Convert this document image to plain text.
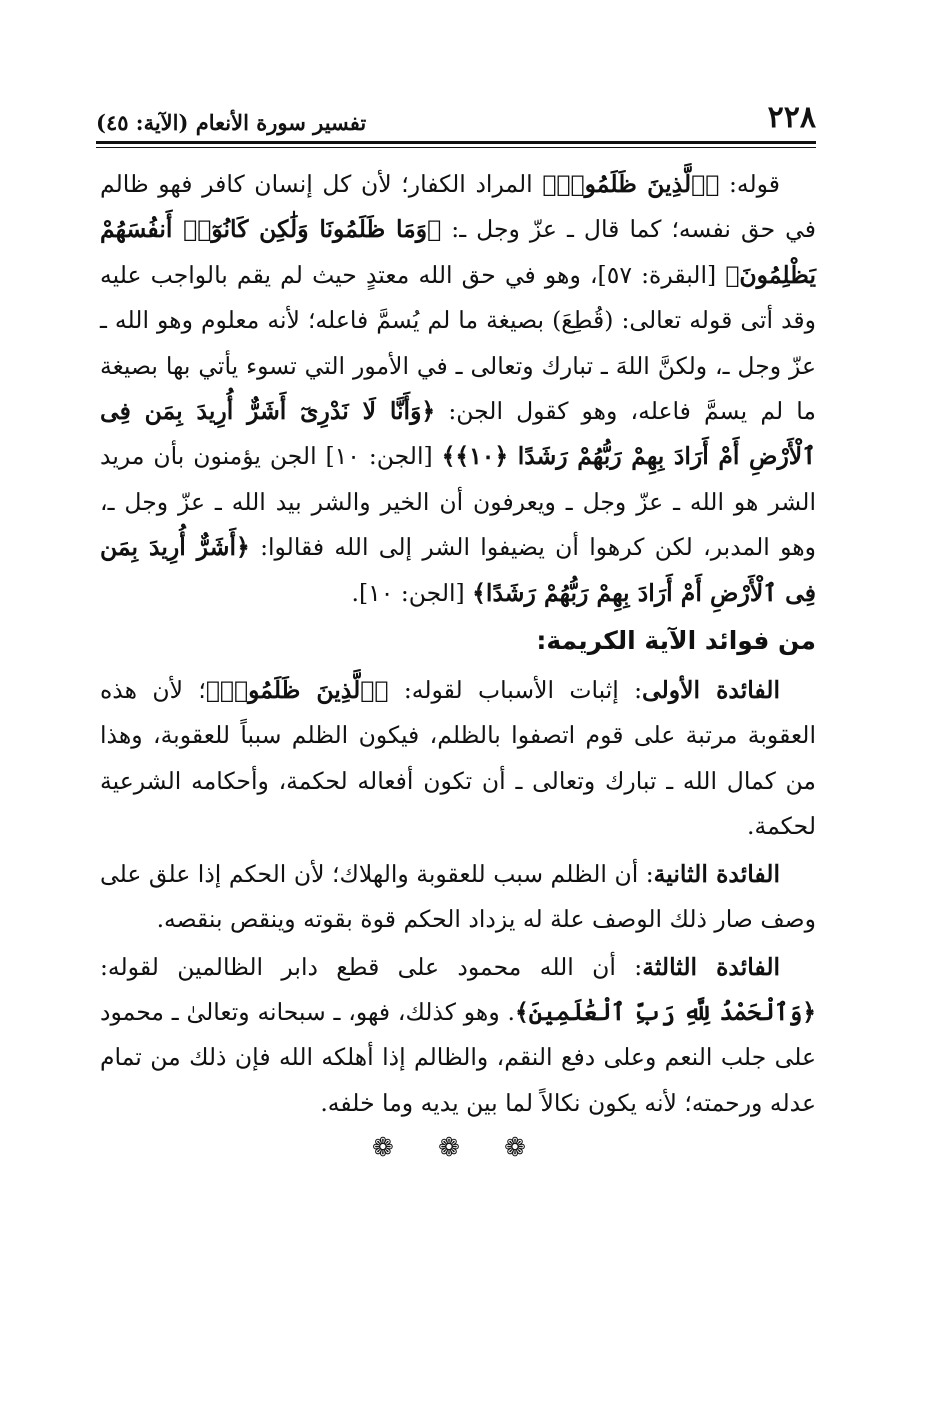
٢٢٨
تفسير سورة الأنعام (الآية: ٤٥)

قوله: ﴿ٱلَّذِينَ ظَلَمُوا۟﴾ المراد الكفار؛ لأن كل إنسان كافر فهو ظالم في حق نفسه؛ كما قال ـ عزّ وجل ـ: ﴿وَمَا ظَلَمُونَا وَلَٰكِن كَانُوٓا۟ أَنفُسَهُمْ يَظْلِمُونَ﴾ [البقرة: ٥٧]، وهو في حق الله معتدٍ حيث لم يقم بالواجب عليه وقد أتى قوله تعالى: (قُطِعَ) بصيغة ما لم يُسمَّ فاعله؛ لأنه معلوم وهو الله ـ عزّ وجل ـ، ولكنَّ اللهَ ـ تبارك وتعالى ـ في الأمور التي تسوء يأتي بها بصيغة ما لم يسمَّ فاعله، وهو كقول الجن: ﴿وَأَنَّا لَا نَدْرِىٓ أَشَرٌّ أُرِيدَ بِمَن فِى ٱلْأَرْضِ أَمْ أَرَادَ بِهِمْ رَبُّهُمْ رَشَدًا ﴿١٠﴾﴾ [الجن: ١٠] الجن يؤمنون بأن مريد الشر هو الله ـ عزّ وجل ـ ويعرفون أن الخير والشر بيد الله ـ عزّ وجل ـ، وهو المدبر، لكن كرهوا أن يضيفوا الشر إلى الله فقالوا: ﴿أَشَرٌّ أُرِيدَ بِمَن فِى ٱلْأَرْضِ أَمْ أَرَادَ بِهِمْ رَبُّهُمْ رَشَدًا﴾ [الجن: ١٠].

من فوائد الآية الكريمة:

الفائدة الأولى: إثبات الأسباب لقوله: ﴿ٱلَّذِينَ ظَلَمُوا۟﴾؛ لأن هذه العقوبة مرتبة على قوم اتصفوا بالظلم، فيكون الظلم سبباً للعقوبة، وهذا من كمال الله ـ تبارك وتعالى ـ أن تكون أفعاله لحكمة، وأحكامه الشرعية لحكمة.

الفائدة الثانية: أن الظلم سبب للعقوبة والهلاك؛ لأن الحكم إذا علق على وصف صار ذلك الوصف علة له يزداد الحكم قوة بقوته وينقص بنقصه.

الفائدة الثالثة: أن الله محمود على قطع دابر الظالمين لقوله: ﴿وَٱلْحَمْدُ لِلَّهِ رَبِّ ٱلْعَٰلَمِينَ﴾. وهو كذلك، فهو، ـ سبحانه وتعالىٰ ـ محمود على جلب النعم وعلى دفع النقم، والظالم إذا أهلكه الله فإن ذلك من تمام عدله ورحمته؛ لأنه يكون نكالاً لما بين يديه وما خلفه.

❁ ❁ ❁
